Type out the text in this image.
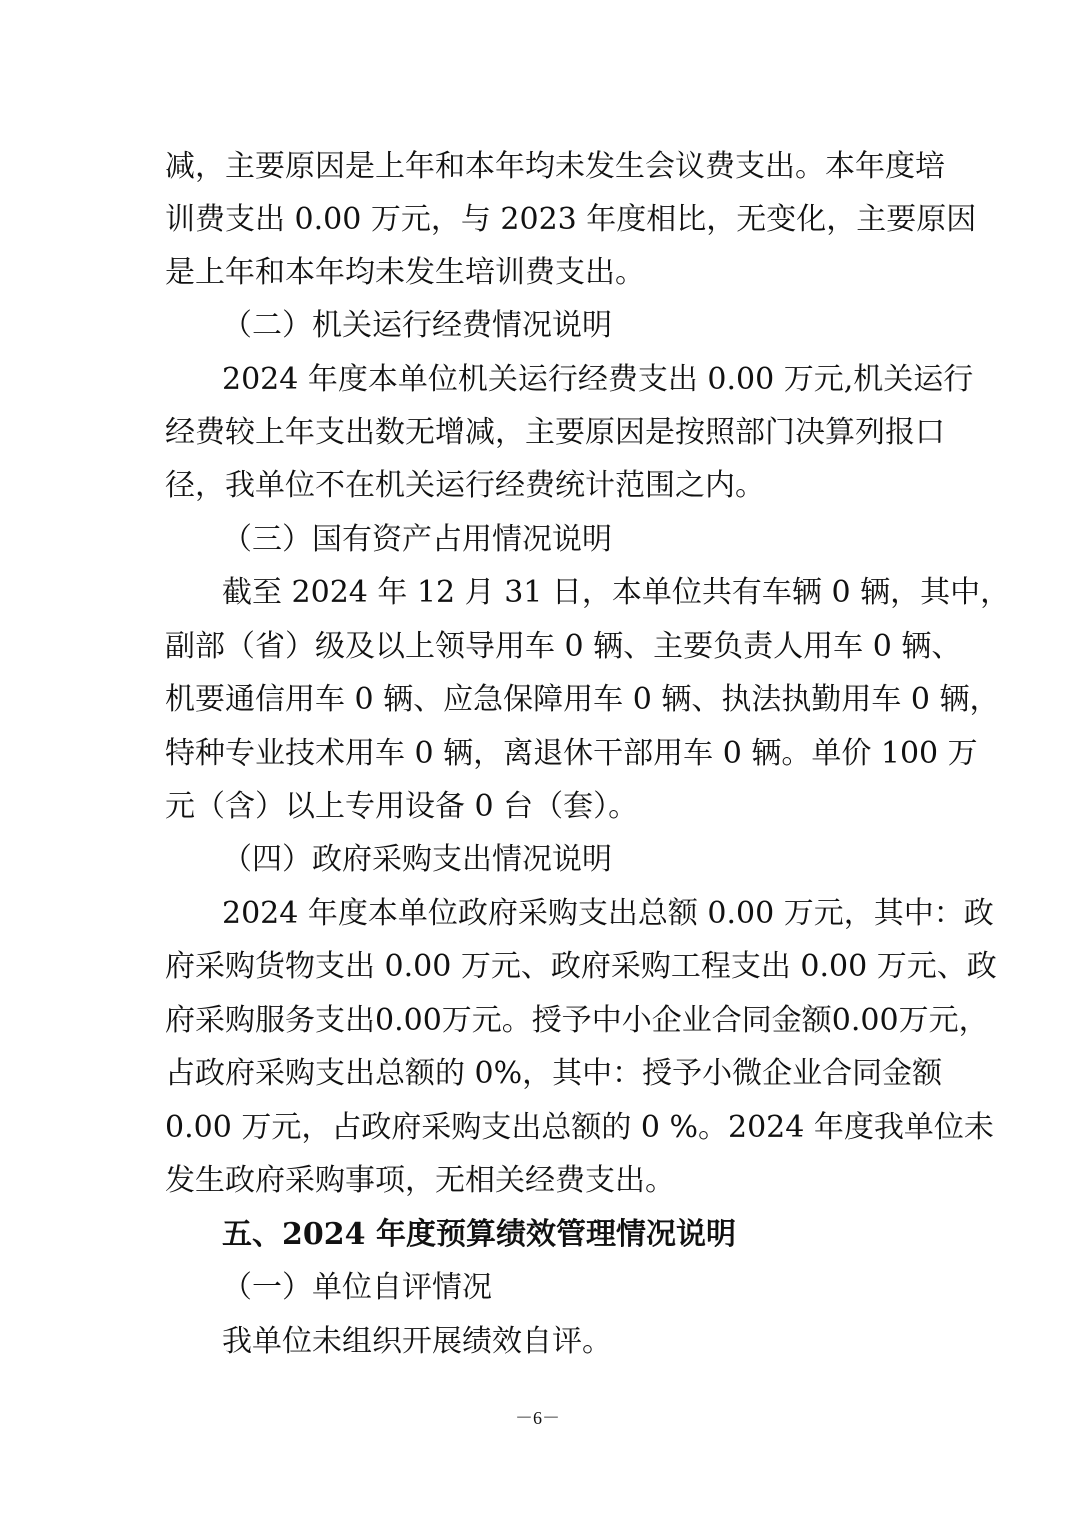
减，主要原因是上年和本年均未发生会议费支出。本年度培
训费支出 0.00 万元，与 2023 年度相比，无变化，主要原因
是上年和本年均未发生培训费支出。
（二）机关运行经费情况说明
2024 年度本单位机关运行经费支出 0.00 万元,机关运行
经费较上年支出数无增减，主要原因是按照部门决算列报口
径，我单位不在机关运行经费统计范围之内。
（三）国有资产占用情况说明
截至 2024 年 12 月 31 日，本单位共有车辆 0 辆，其中，
副部（省）级及以上领导用车 0 辆、主要负责人用车 0 辆、
机要通信用车 0 辆、应急保障用车 0 辆、执法执勤用车 0 辆，
特种专业技术用车 0 辆，离退休干部用车 0 辆。单价 100 万
元（含）以上专用设备 0 台（套）。
（四）政府采购支出情况说明
2024 年度本单位政府采购支出总额 0.00 万元，其中：政
府采购货物支出 0.00 万元、政府采购工程支出 0.00 万元、政
府采购服务支出0.00万元。授予中小企业合同金额0.00万元，
占政府采购支出总额的 0%，其中：授予小微企业合同金额
0.00 万元，占政府采购支出总额的 0 %。2024 年度我单位未
发生政府采购事项，无相关经费支出。
五、2024 年度预算绩效管理情况说明
（一）单位自评情况
我单位未组织开展绩效自评。
－6－
